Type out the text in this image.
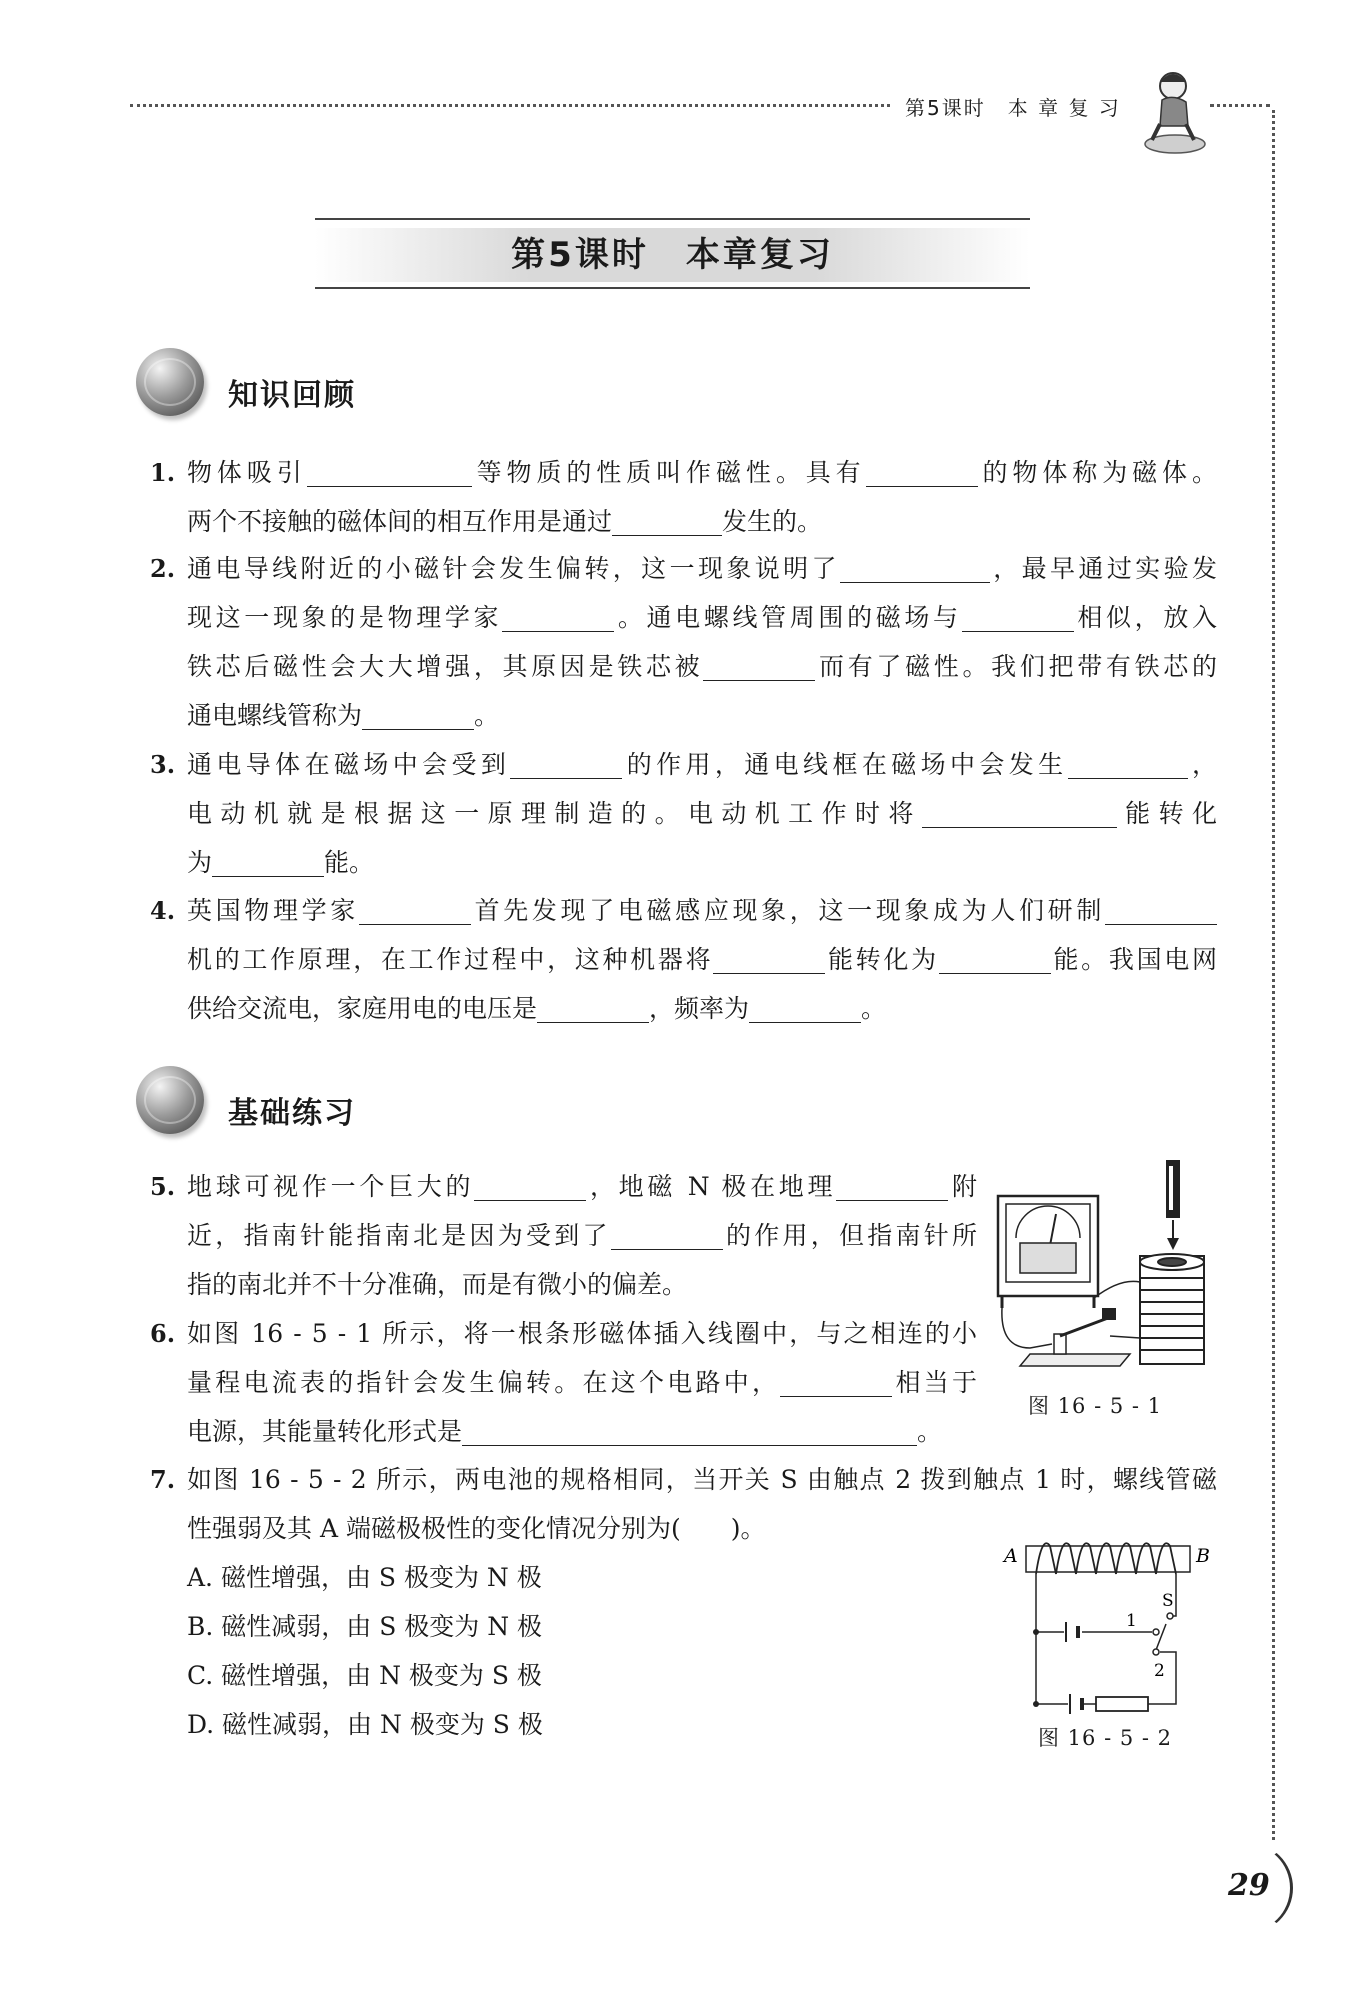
第5课时　本 章 复 习
第5课时　本章复习
知识回顾
1. 物体吸引	等物质的性质叫作磁性。具有	的物体称为磁体。
两个不接触的磁体间的相互作用是通过	发生的。
2. 通电导线附近的小磁针会发生偏转，这一现象说明了	，最早通过实验发
现这一现象的是物理学家	。通电螺线管周围的磁场与	相似，放入
铁芯后磁性会大大增强，其原因是铁芯被	而有了磁性。我们把带有铁芯的
通电螺线管称为	。
3. 通电导体在磁场中会受到	的作用，通电线框在磁场中会发生	，
电动机就是根据这一原理制造的。电动机工作时将	能转化
为	能。
4. 英国物理学家	首先发现了电磁感应现象，这一现象成为人们研制
机的工作原理，在工作过程中，这种机器将	能转化为	能。我国电网
供给交流电，家庭用电的电压是	，频率为	。
基础练习
5. 地球可视作一个巨大的	，地磁 N 极在地理	附
近，指南针能指南北是因为受到了	的作用，但指南针所
指的南北并不十分准确，而是有微小的偏差。
6. 如图 16 - 5 - 1 所示，将一根条形磁体插入线圈中，与之相连的小
量程电流表的指针会发生偏转。在这个电路中，	相当于
电源，其能量转化形式是	。
图 16 - 5 - 1
7. 如图 16 - 5 - 2 所示，两电池的规格相同，当开关 S 由触点 2 拨到触点 1 时，螺线管磁
性强弱及其 A 端磁极极性的变化情况分别为(　　)。
A. 磁性增强，由 S 极变为 N 极
B. 磁性减弱，由 S 极变为 N 极
C. 磁性增强，由 N 极变为 S 极
D. 磁性减弱，由 N 极变为 S 极
A	B
1
S
2
图 16 - 5 - 2
29
